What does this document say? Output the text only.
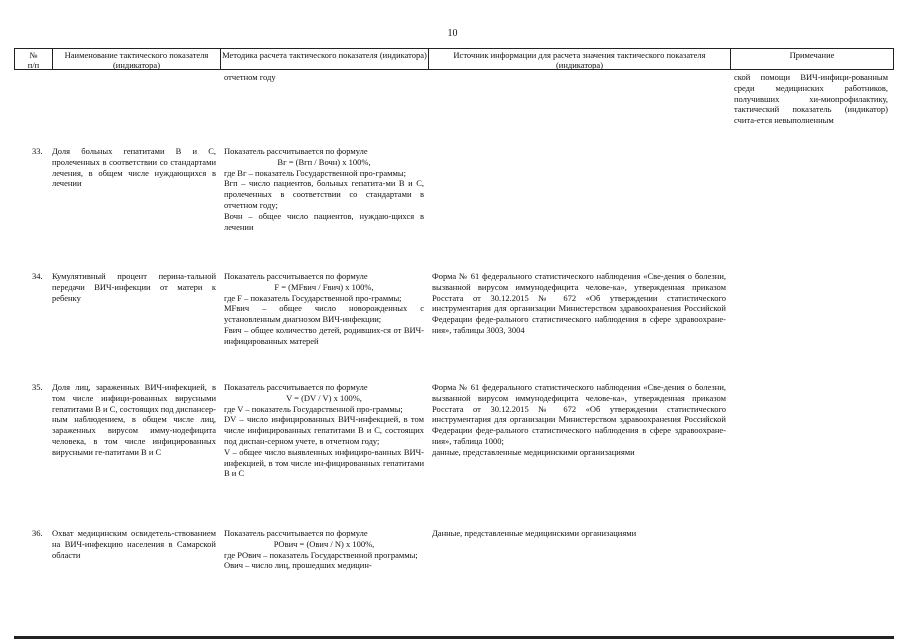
10
№
п/п
Наименование тактического показателя (индикатора)
Методика расчета тактического показателя (индикатора)	Источник информации для расчета значения тактического показателя (индикатора)
Примечание
отчетном году	ской помощи ВИЧ-инфици-рованным среди медицинских работников, получивших хи-миопрофилактику, тактический показатель (индикатор) счита-ется невыполненным
33. Доля больных гепатитами В и С, пролеченных в соответствии со стандартами лечения, в общем числе нуждающихся в лечении

Показатель рассчитывается по формуле

Bг = (Bгп / Bочн) х 100%,

где Bг – показатель Государственной про-граммы;

Bгп – число пациентов, больных гепатита-ми В и С, пролеченных в соответствии со стандартами в отчетном году;

Bочн – общее число пациентов, нуждаю-щихся в лечении

34. Кумулятивный процент перина-тальной передачи ВИЧ-инфекции от матери к ребенку

Показатель рассчитывается по формуле

F = (MFвич / Fвич) х 100%,

где F – показатель Государственной про-граммы;

MFвич – общее число новорожденных с установленным диагнозом ВИЧ-инфекции;

Fвич – общее количество детей, родивших-ся от ВИЧ-инфицированных матерей

Форма № 61 федерального статистического наблюдения «Све-дения о болезни, вызванной вирусом иммунодефицита челове-ка», утвержденная приказом Росстата от 30.12.2015 № 672 «Об утверждении статистического инструментария для организации Министерством здравоохранения Российской Федерации феде-рального статистического наблюдения в сфере здравоохране-ния», таблицы 3003, 3004
35. Доля лиц, зараженных ВИЧ-инфекцией, в том числе инфици-рованных вирусными гепатитами В и С, состоящих под диспансер-ным наблюдением, в общем числе лиц, зараженных вирусом имму-нодефицита человека, в том числе инфицированных вирусными ге-патитами В и С

Показатель рассчитывается по формуле

V = (DV / V) х 100%,

где V – показатель Государственной про-граммы;

DV – число инфицированных ВИЧ-инфекцией, в том числе инфицированных гепатитами В и С, состоящих под диспан-серном учете, в отчетном году;

V – общее число выявленных инфициро-ванных ВИЧ-инфекцией, в том числе ин-фицированных гепатитами В и С

Форма № 61 федерального статистического наблюдения «Све-дения о болезни, вызванной вирусом иммунодефицита челове-ка», утвержденная приказом Росстата от 30.12.2015 № 672 «Об утверждении статистического инструментария для организации Министерством здравоохранения Российской Федерации феде-рального статистического наблюдения в сфере здравоохране-ния», таблица 1000;
данные, представленные медицинскими организациями
36. Охват медицинским освидетель-ствованием на ВИЧ-инфекцию населения в Самарской области

Показатель рассчитывается по формуле

POвич = (Oвич / N) х 100%,

где POвич – показатель Государственной программы;

Oвич – число лиц, прошедших медицин-

Данные, представленные медицинскими организациями
